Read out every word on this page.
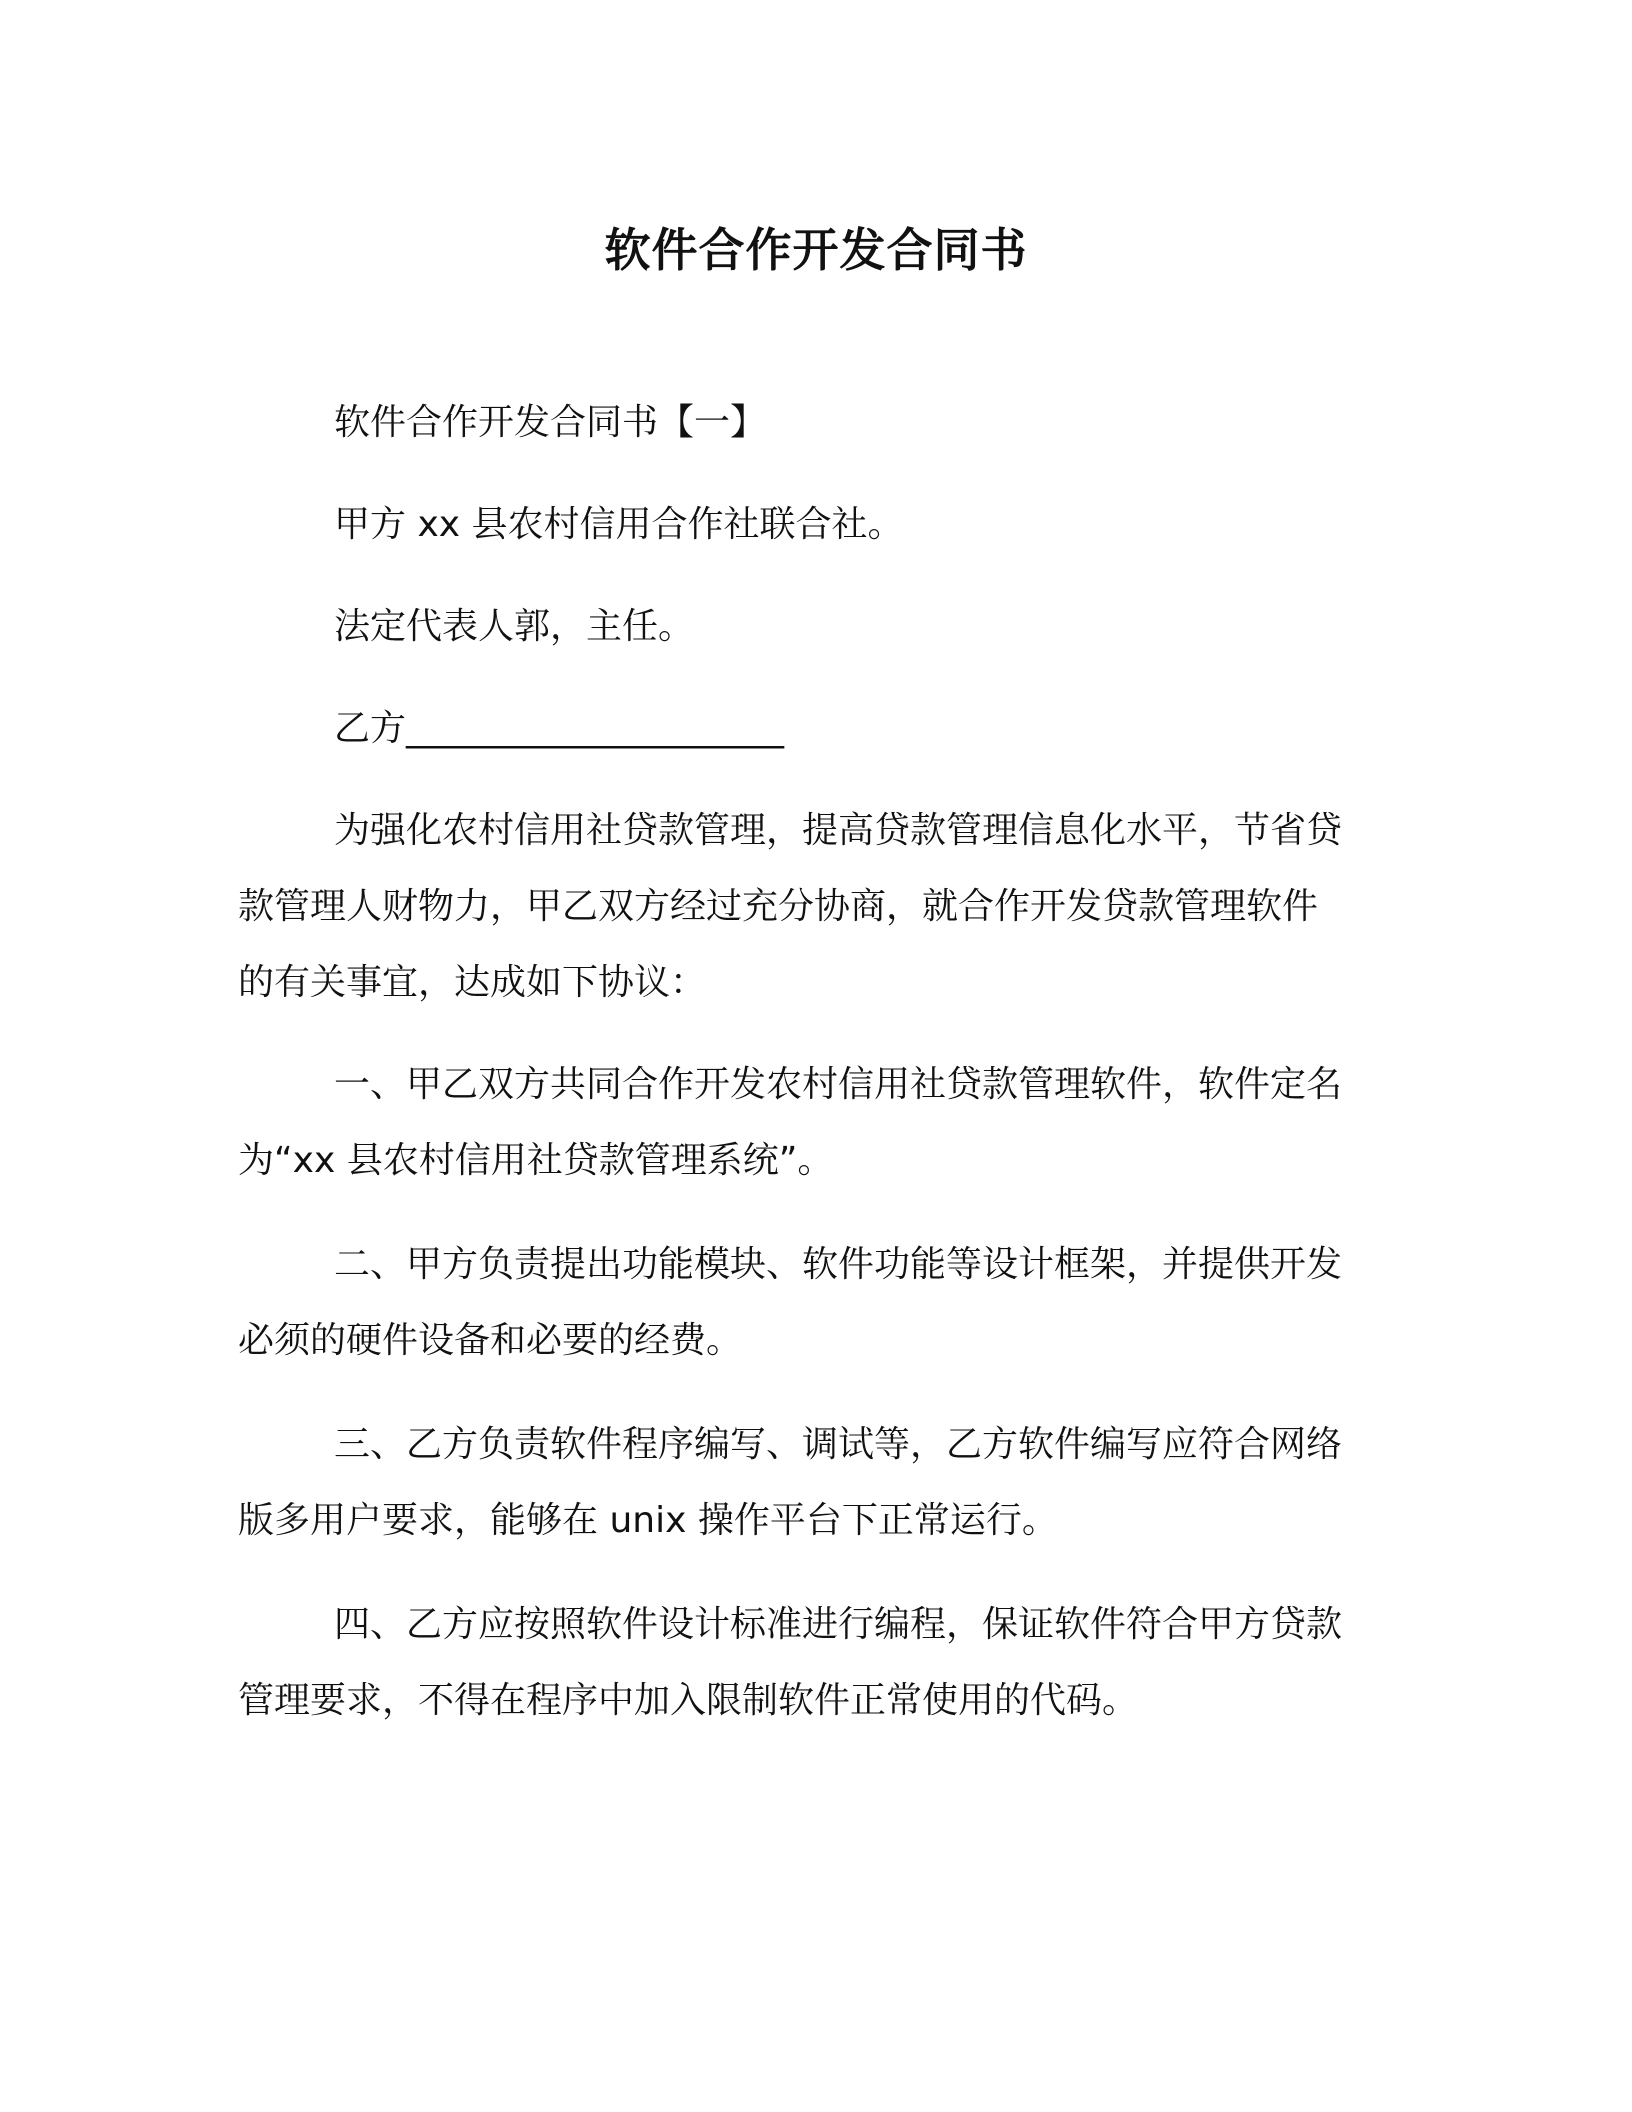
软件合作开发合同书
软件合作开发合同书【一】
甲方 xx 县农村信用合作社联合社。
法定代表人郭，主任。
乙方_____________________
为强化农村信用社贷款管理，提高贷款管理信息化水平，节省贷
款管理人财物力，甲乙双方经过充分协商，就合作开发贷款管理软件
的有关事宜，达成如下协议：
一、甲乙双方共同合作开发农村信用社贷款管理软件，软件定名
为“xx 县农村信用社贷款管理系统”。
二、甲方负责提出功能模块、软件功能等设计框架，并提供开发
必须的硬件设备和必要的经费。
三、乙方负责软件程序编写、调试等，乙方软件编写应符合网络
版多用户要求，能够在 unix 操作平台下正常运行。
四、乙方应按照软件设计标准进行编程，保证软件符合甲方贷款
管理要求，不得在程序中加入限制软件正常使用的代码。
